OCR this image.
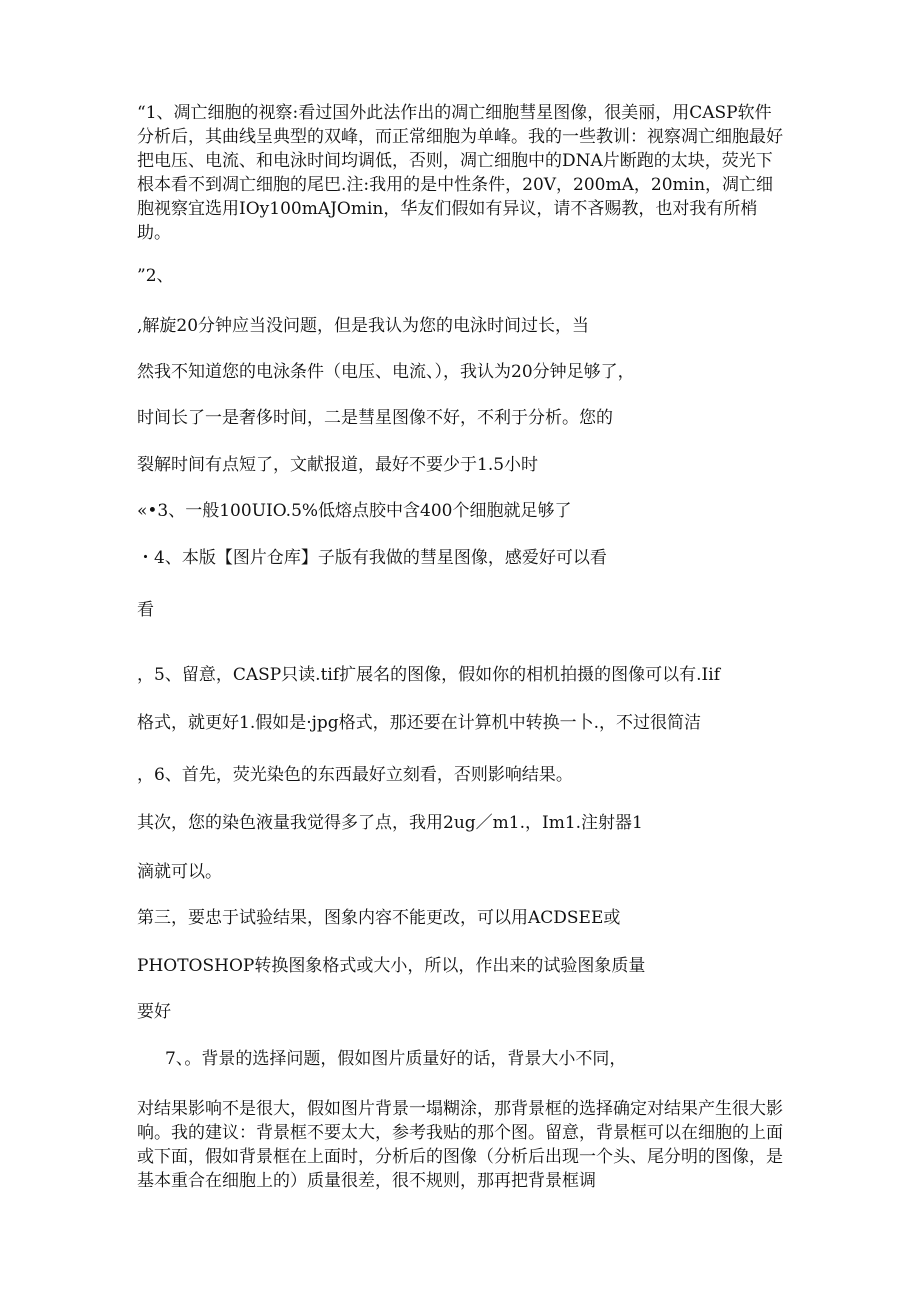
“1、凋亡细胞的视察:看过国外此法作出的凋亡细胞彗星图像，很美丽，用CASP软件分析后，其曲线呈典型的双峰，而正常细胞为单峰。我的一些教训：视察凋亡细胞最好把电压、电流、和电泳时间均调低，否则，凋亡细胞中的DNA片断跑的太块，荧光下根本看不到凋亡细胞的尾巴.注:我用的是中性条件，20V，200mA，20min，凋亡细胞视察宜选用IOy100mAJOmin，华友们假如有异议，请不吝赐教，也对我有所梢助。

”2、

,解旋20分钟应当没问题，但是我认为您的电泳时间过长，当

然我不知道您的电泳条件（电压、电流、），我认为20分钟足够了，

时间长了一是奢侈时间，二是彗星图像不好，不利于分析。您的

裂解时间有点短了，文献报道，最好不要少于1.5小时

«•3、一般100UIO.5%低熔点胶中含400个细胞就足够了

・4、本版【图片仓库】子版有我做的彗星图像，感爱好可以看

看

，5、留意，CASP只读.tif扩展名的图像，假如你的相机拍摄的图像可以有.Iif

格式，就更好1.假如是·jpg格式，那还要在计算机中转换一卜.，不过很简洁

，6、首先，荧光染色的东西最好立刻看，否则影响结果。

其次，您的染色液量我觉得多了点，我用2ug／m1.，Im1.注射器1

滴就可以。

第三，要忠于试验结果，图象内容不能更改，可以用ACDSEE或

PHOTOSHOP转换图象格式或大小，所以，作出来的试验图象质量

要好

7、。背景的选择问题，假如图片质量好的话，背景大小不同，

对结果影响不是很大，假如图片背景一塌糊涂，那背景框的选择确定对结果产生很大影响。我的建议：背景框不要太大，参考我贴的那个图。留意，背景框可以在细胞的上面或下面，假如背景框在上面时，分析后的图像（分析后出现一个头、尾分明的图像，是基本重合在细胞上的）质量很差，很不规则，那再把背景框调
